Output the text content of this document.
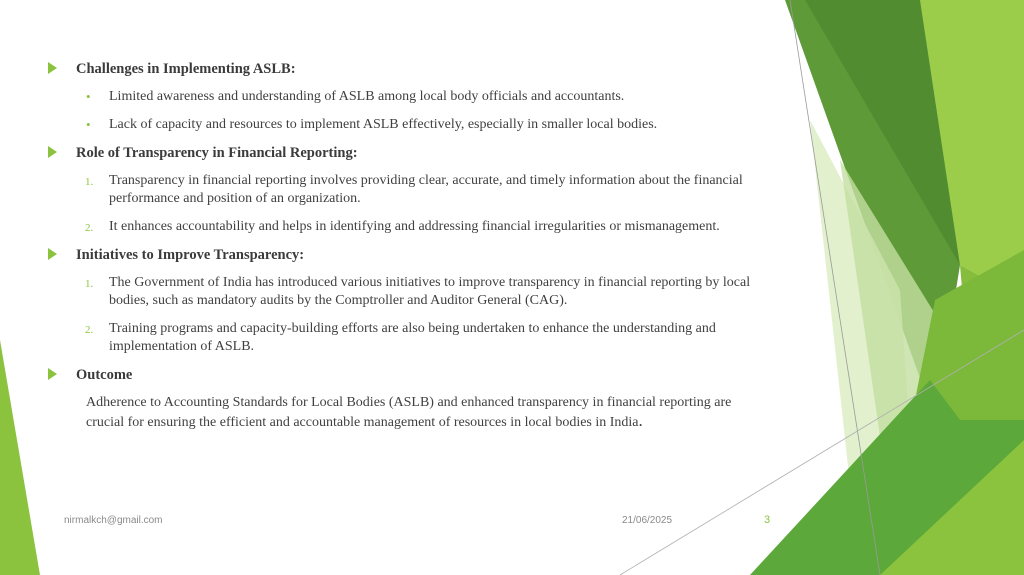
Challenges in Implementing ASLB:
• Limited awareness and understanding of ASLB among local body officials and accountants.
• Lack of capacity and resources to implement ASLB effectively, especially in smaller local bodies.
Role of Transparency in Financial Reporting:
1. Transparency in financial reporting involves providing clear, accurate, and timely information about the financial performance and position of an organization.
2. It enhances accountability and helps in identifying and addressing financial irregularities or mismanagement.
Initiatives to Improve Transparency:
1. The Government of India has introduced various initiatives to improve transparency in financial reporting by local bodies, such as mandatory audits by the Comptroller and Auditor General (CAG).
2. Training programs and capacity-building efforts are also being undertaken to enhance the understanding and implementation of ASLB.
Outcome
Adherence to Accounting Standards for Local Bodies (ASLB) and enhanced transparency in financial reporting are crucial for ensuring the efficient and accountable management of resources in local bodies in India.
nirmalkch@gmail.com	21/06/2025	3
